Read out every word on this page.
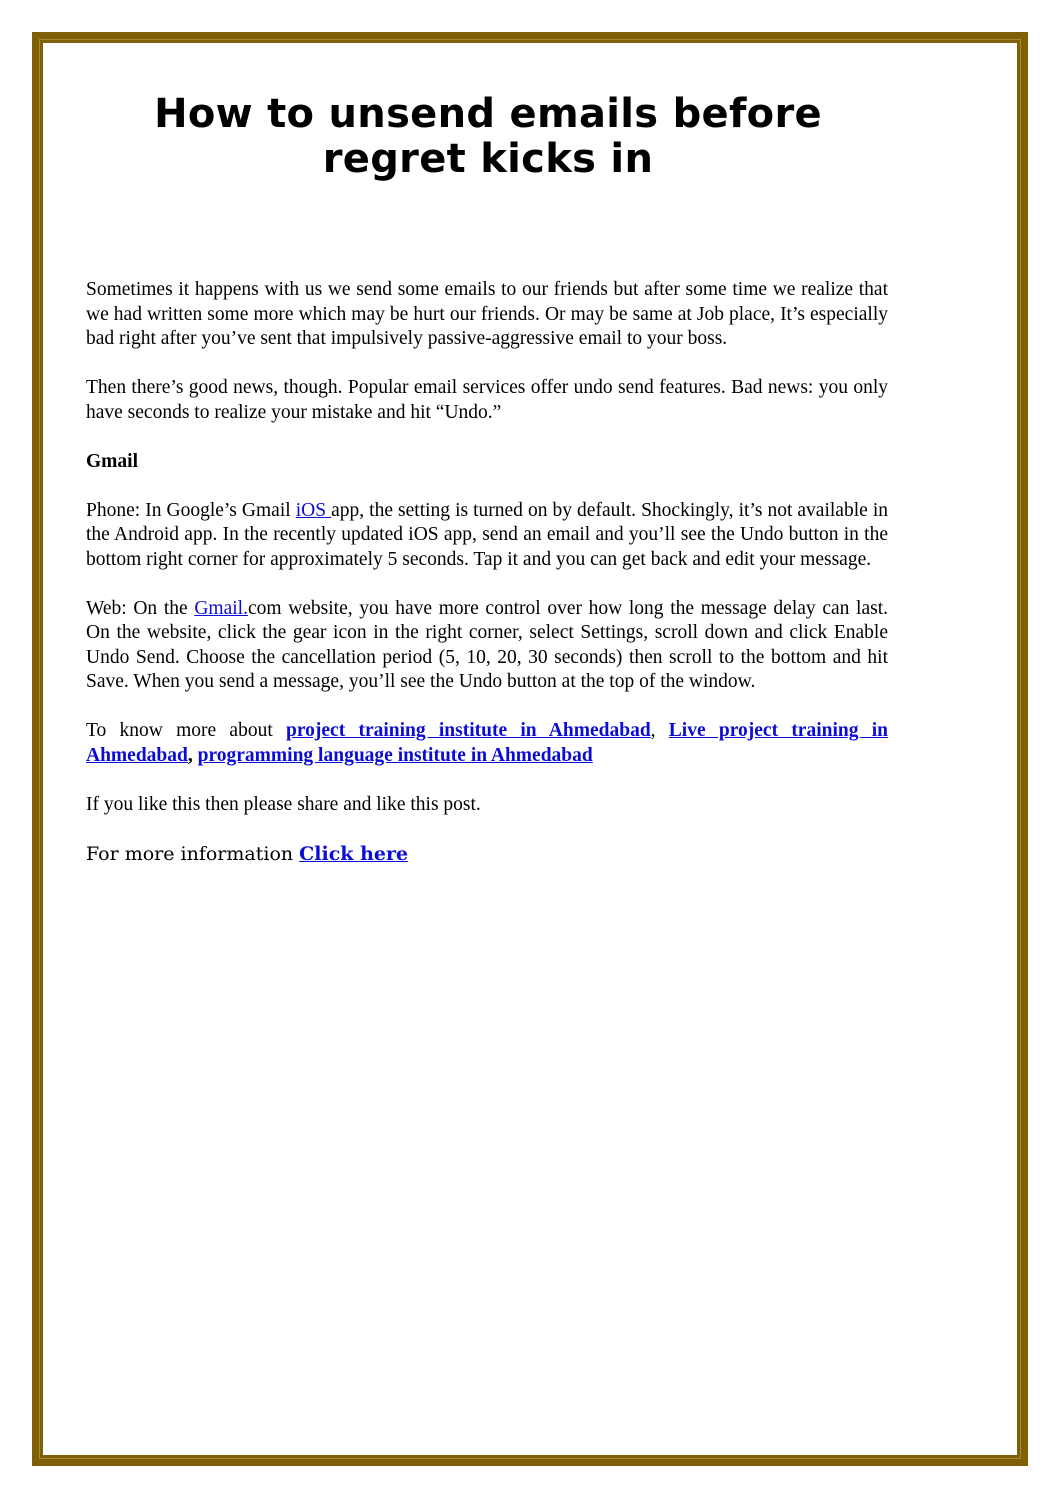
How to unsend emails before regret kicks in

Sometimes it happens with us we send some emails to our friends but after some time we realize that we had written some more which may be hurt our friends. Or may be same at Job place, It’s especially bad right after you’ve sent that impulsively passive-aggressive email to your boss.

Then there’s good news, though. Popular email services offer undo send features. Bad news: you only have seconds to realize your mistake and hit “Undo.”

Gmail

Phone: In Google’s Gmail iOS app, the setting is turned on by default. Shockingly, it’s not available in the Android app. In the recently updated iOS app, send an email and you’ll see the Undo button in the bottom right corner for approximately 5 seconds. Tap it and you can get back and edit your message.

Web: On the Gmail.com website, you have more control over how long the message delay can last. On the website, click the gear icon in the right corner, select Settings, scroll down and click Enable Undo Send. Choose the cancellation period (5, 10, 20, 30 seconds) then scroll to the bottom and hit Save. When you send a message, you’ll see the Undo button at the top of the window.

To know more about project training institute in Ahmedabad, Live project training in Ahmedabad, programming language institute in Ahmedabad

If you like this then please share and like this post.

For more information Click here
